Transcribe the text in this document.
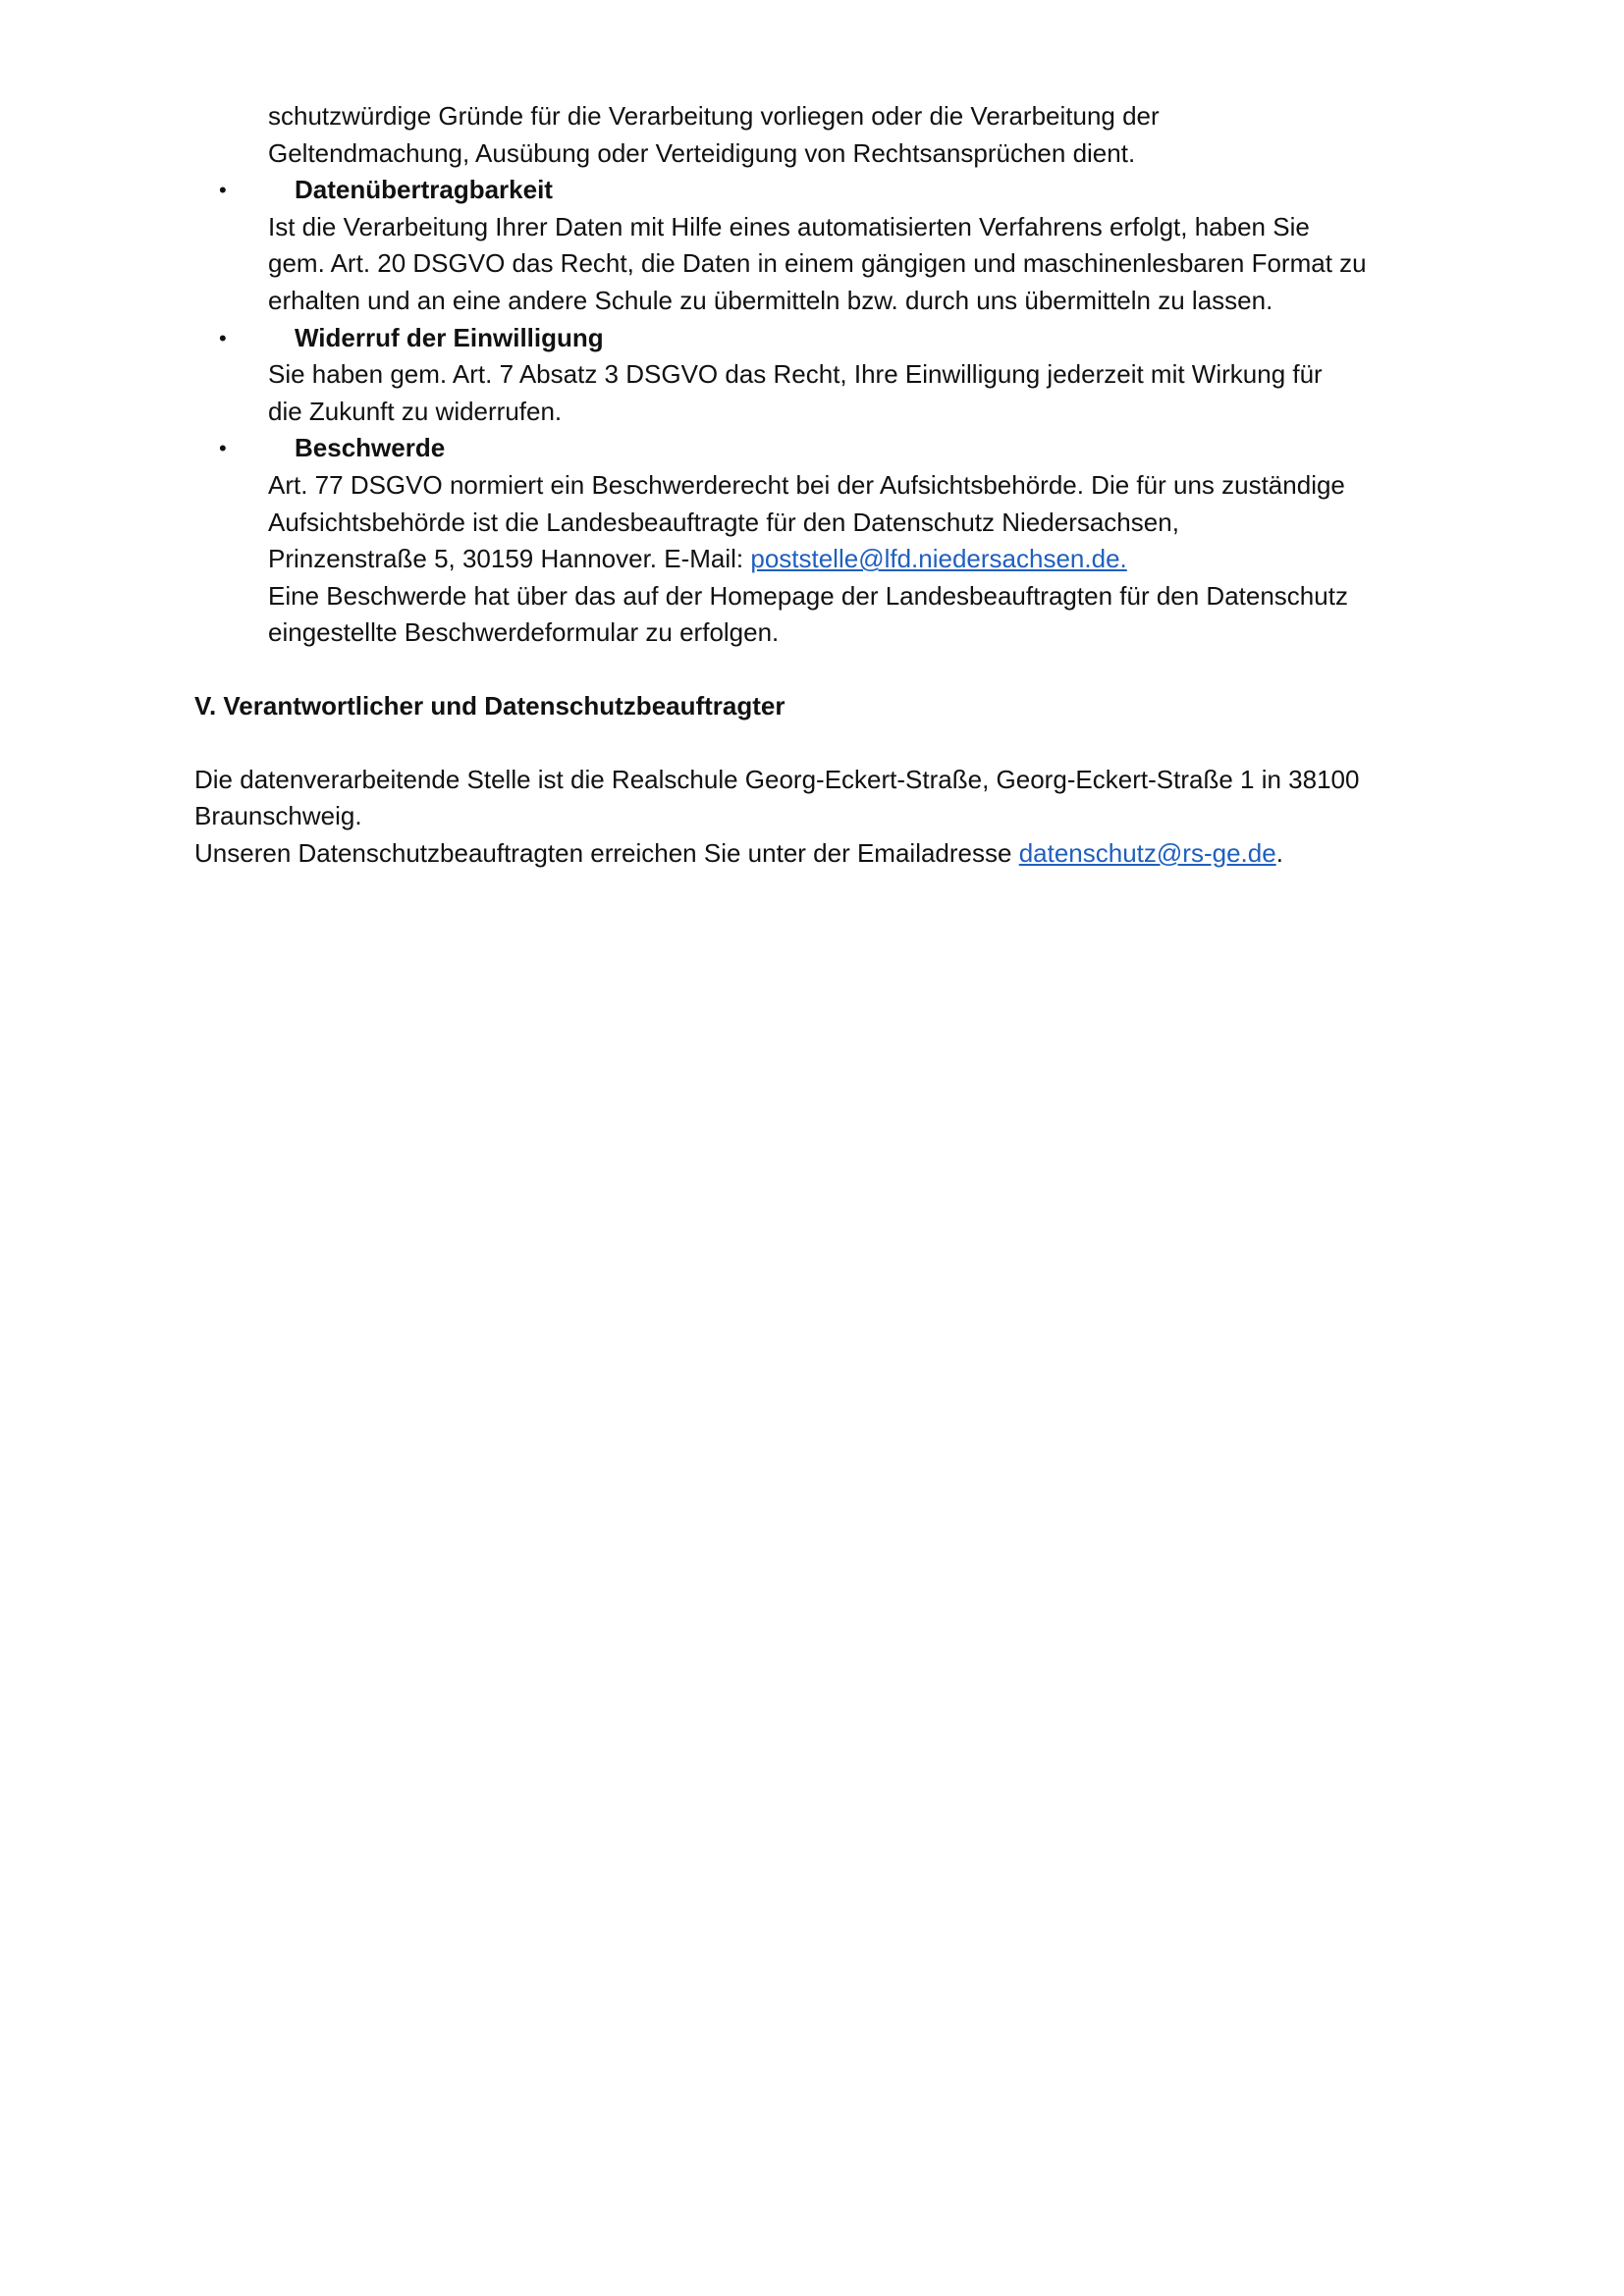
schutzwürdige Gründe für die Verarbeitung vorliegen oder die Verarbeitung der

Geltendmachung, Ausübung oder Verteidigung von Rechtsansprüchen dient.

•	Datenübertragbarkeit

Ist die Verarbeitung Ihrer Daten mit Hilfe eines automatisierten Verfahrens erfolgt, haben Sie

gem. Art. 20 DSGVO das Recht, die Daten in einem gängigen und maschinenlesbaren Format zu

erhalten und an eine andere Schule zu übermitteln bzw. durch uns übermitteln zu lassen.

•	Widerruf der Einwilligung

Sie haben gem. Art. 7 Absatz 3 DSGVO das Recht, Ihre Einwilligung jederzeit mit Wirkung für

die Zukunft zu widerrufen.

•	Beschwerde

Art. 77 DSGVO normiert ein Beschwerderecht bei der Aufsichtsbehörde. Die für uns zuständige

Aufsichtsbehörde ist die Landesbeauftragte für den Datenschutz Niedersachsen,

Prinzenstraße 5, 30159 Hannover. E-Mail: poststelle@lfd.niedersachsen.de.

Eine Beschwerde hat über das auf der Homepage der Landesbeauftragten für den Datenschutz

eingestellte Beschwerdeformular zu erfolgen.

V. Verantwortlicher und Datenschutzbeauftragter

Die datenverarbeitende Stelle ist die Realschule Georg-Eckert-Straße, Georg-Eckert-Straße 1 in 38100

Braunschweig.

Unseren Datenschutzbeauftragten erreichen Sie unter der Emailadresse datenschutz@rs-ge.de.
